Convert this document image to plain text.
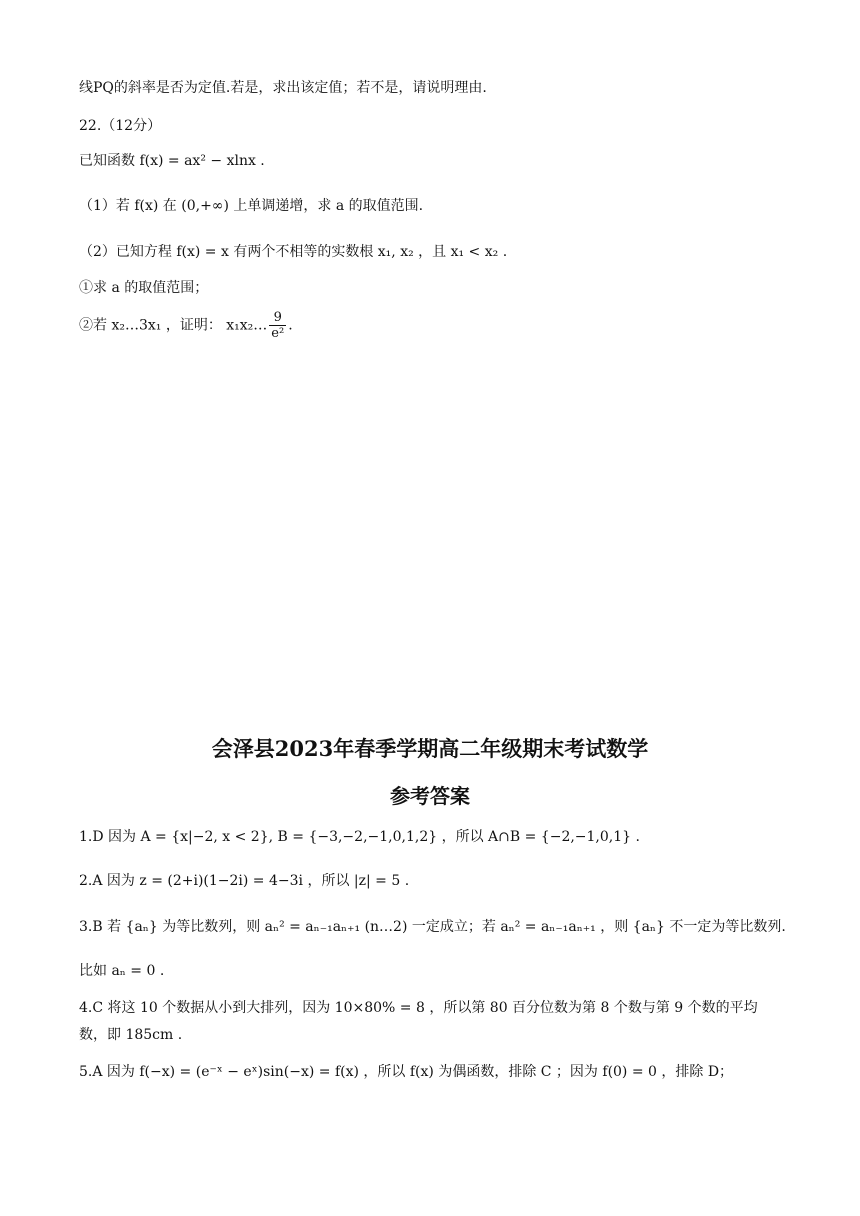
线PQ的斜率是否为定值.若是，求出该定值；若不是，请说明理由.
22.（12分）
已知函数 f(x) = ax² − xlnx .
（1）若 f(x) 在 (0,+∞) 上单调递增，求 a 的取值范围.
（2）已知方程 f(x) = x 有两个不相等的实数根 x₁, x₂ ，且 x₁ < x₂ .
①求 a 的取值范围；
②若 x₂…3x₁ ，证明： x₁x₂… $\frac{9}{\text{e²}}$ .
会泽县2023年春季学期高二年级期末考试数学
参考答案
1.D 因为 A = {x|−2, x < 2}, B = {−3,−2,−1,0,1,2} ，所以 A∩B = {−2,−1,0,1} .
2.A 因为 z = (2+i)(1−2i) = 4−3i ，所以 |z| = 5 .
3.B 若 {aₙ} 为等比数列，则 aₙ² = aₙ₋₁aₙ₊₁ (n…2) 一定成立；若 aₙ² = aₙ₋₁aₙ₊₁ ，则 {aₙ} 不一定为等比数列.
比如 aₙ = 0 .
4.C 将这 10 个数据从小到大排列，因为 10×80% = 8 ，所以第 80 百分位数为第 8 个数与第 9 个数的平均
数，即 185cm .
5.A 因为 f(−x) = (e⁻ˣ − eˣ)sin(−x) = f(x) ，所以 f(x) 为偶函数，排除 C ；因为 f(0) = 0 ，排除 D；
